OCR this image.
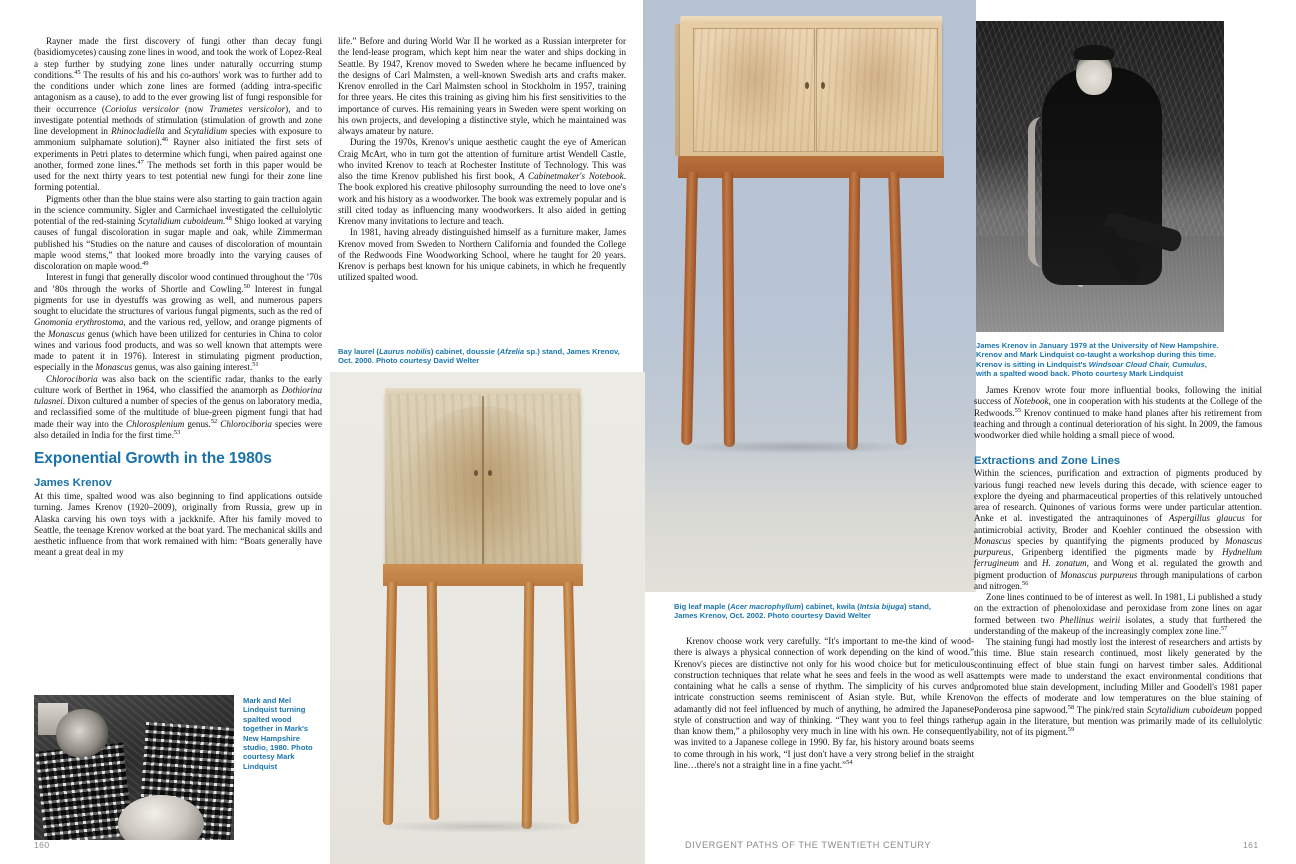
Rayner made the first discovery of fungi other than decay fungi (basidiomycetes) causing zone lines in wood, and took the work of Lopez-Real a step further by studying zone lines under naturally occurring stump conditions.$^{45}$ The results of his and his co-authors' work was to further add to the conditions under which zone lines are formed (adding intra-specific antagonism as a cause), to add to the ever growing list of fungi responsible for their occurrence (Coriolus versicolor (now Trametes versicolor), and to investigate potential methods of stimulation (stimulation of growth and zone line development in Rhinocladiella and Scytalidium species with exposure to ammonium sulphamate solution).$^{46}$ Rayner also initiated the first sets of experiments in Petri plates to determine which fungi, when paired against one another, formed zone lines.$^{47}$ The methods set forth in this paper would be used for the next thirty years to test potential new fungi for their zone line forming potential.

Pigments other than the blue stains were also starting to gain traction again in the science community. Sigler and Carmichael investigated the cellulolytic potential of the red-staining Scytalidium cuboideum.$^{48}$ Shigo looked at varying causes of fungal discoloration in sugar maple and oak, while Zimmerman published his “Studies on the nature and causes of discoloration of mountain maple wood stems,” that looked more broadly into the varying causes of discoloration on maple wood.$^{49}$

Interest in fungi that generally discolor wood continued throughout the ’70s and ’80s through the works of Shortle and Cowling.$^{50}$ Interest in fungal pigments for use in dyestuffs was growing as well, and numerous papers sought to elucidate the structures of various fungal pigments, such as the red of Gnomonia erythrostoma, and the various red, yellow, and orange pigments of the Monascus genus (which have been utilized for centuries in China to color wines and various food products, and was so well known that attempts were made to patent it in 1976). Interest in stimulating pigment production, especially in the Monascus genus, was also gaining interest.$^{51}$

Chlorociboria was also back on the scientific radar, thanks to the early culture work of Berthet in 1964, who classified the anamorph as Dothiorina tulasnei. Dixon cultured a number of species of the genus on laboratory media, and reclassified some of the multitude of blue-green pigment fungi that had made their way into the Chlorosplenium genus.$^{52}$ Chlorociboria species were also detailed in India for the first time.$^{53}$

Exponential Growth in the 1980s
James Krenov

At this time, spalted wood was also beginning to find applications outside turning. James Krenov (1920–2009), originally from Russia, grew up in Alaska carving his own toys with a jackknife. After his family moved to Seattle, the teenage Krenov worked at the boat yard. The mechanical skills and aesthetic influence from that work remained with him: “Boats generally have meant a great deal in my

life.” Before and during World War II he worked as a Russian interpreter for the lend-lease program, which kept him near the water and ships docking in Seattle. By 1947, Krenov moved to Sweden where he became influenced by the designs of Carl Malmsten, a well-known Swedish arts and crafts maker. Krenov enrolled in the Carl Malmsten school in Stockholm in 1957, training for three years. He cites this training as giving him his first sensitivities to the importance of curves. His remaining years in Sweden were spent working on his own projects, and developing a distinctive style, which he maintained was always amateur by nature.

During the 1970s, Krenov's unique aesthetic caught the eye of American Craig McArt, who in turn got the attention of furniture artist Wendell Castle, who invited Krenov to teach at Rochester Institute of Technology. This was also the time Krenov published his first book, A Cabinetmaker's Notebook. The book explored his creative philosophy surrounding the need to love one's work and his history as a woodworker. The book was extremely popular and is still cited today as influencing many woodworkers. It also aided in getting Krenov many invitations to lecture and teach.

In 1981, having already distinguished himself as a furniture maker, James Krenov moved from Sweden to Northern California and founded the College of the Redwoods Fine Woodworking School, where he taught for 20 years. Krenov is perhaps best known for his unique cabinets, in which he frequently utilized spalted wood.

Bay laurel (Laurus nobilis) cabinet, doussie (Afzelia sp.) stand, James Krenov, Oct. 2000. Photo courtesy David Welter
Big leaf maple (Acer macrophyllum) cabinet, kwila (Intsia bijuga) stand,
James Krenov, Oct. 2002. Photo courtesy David Welter
James Krenov in January 1979 at the University of New Hampshire. Krenov and Mark Lindquist co-taught a workshop during this time. Krenov is sitting in Lindquist's Windsoar Cloud Chair, Cumulus, with a spalted wood back. Photo courtesy Mark Lindquist
Mark and Mel Lindquist turning spalted wood together in Mark's New Hampshire studio, 1980. Photo courtesy Mark Lindquist

Krenov choose work very carefully. “It's important to me-the kind of wood-there is always a physical connection of work depending on the kind of wood.” Krenov's pieces are distinctive not only for his wood choice but for meticulous construction techniques that relate what he sees and feels in the wood as well as containing what he calls a sense of rhythm. The simplicity of his curves and intricate construction seems reminiscent of Asian style. But, while Krenov adamantly did not feel influenced by much of anything, he admired the Japanese style of construction and way of thinking. “They want you to feel things rather than know them,” a philosophy very much in line with his own. He consequently was invited to a Japanese college in 1990. By far, his history around boats seems to come through in his work, “I just don't have a very strong belief in the straight line…there's not a straight line in a fine yacht.”$^{54}$

James Krenov wrote four more influential books, following the initial success of Notebook, one in cooperation with his students at the College of the Redwoods.$^{55}$ Krenov continued to make hand planes after his retirement from teaching and through a continual deterioration of his sight. In 2009, the famous woodworker died while holding a small piece of wood.

Extractions and Zone Lines

Within the sciences, purification and extraction of pigments produced by various fungi reached new levels during this decade, with science eager to explore the dyeing and pharmaceutical properties of this relatively untouched area of research. Quinones of various forms were under particular attention. Anke et al. investigated the antraquinones of Aspergillus glaucus for antimicrobial activity, Broder and Koehler continued the obsession with Monascus species by quantifying the pigments produced by Monascus purpureus, Gripenberg identified the pigments made by Hydnellum ferrugineum and H. zonatum, and Wong et al. regulated the growth and pigment production of Monascus purpureus through manipulations of carbon and nitrogen.$^{56}$

Zone lines continued to be of interest as well. In 1981, Li published a study on the extraction of phenoloxidase and peroxidase from zone lines on agar formed between two Phellinus weirii isolates, a study that furthered the understanding of the makeup of the increasingly complex zone line.$^{57}$

The staining fungi had mostly lost the interest of researchers and artists by this time. Blue stain research continued, most likely generated by the continuing effect of blue stain fungi on harvest timber sales. Additional attempts were made to understand the exact environmental conditions that promoted blue stain development, including Miller and Goodell's 1981 paper on the effects of moderate and low temperatures on the blue staining of Ponderosa pine sapwood.$^{58}$ The pink/red stain Scytalidium cuboideum popped up again in the literature, but mention was primarily made of its cellulolytic ability, not of its pigment.$^{59}$

160	DIVERGENT PATHS OF THE TWENTIETH CENTURY	161
